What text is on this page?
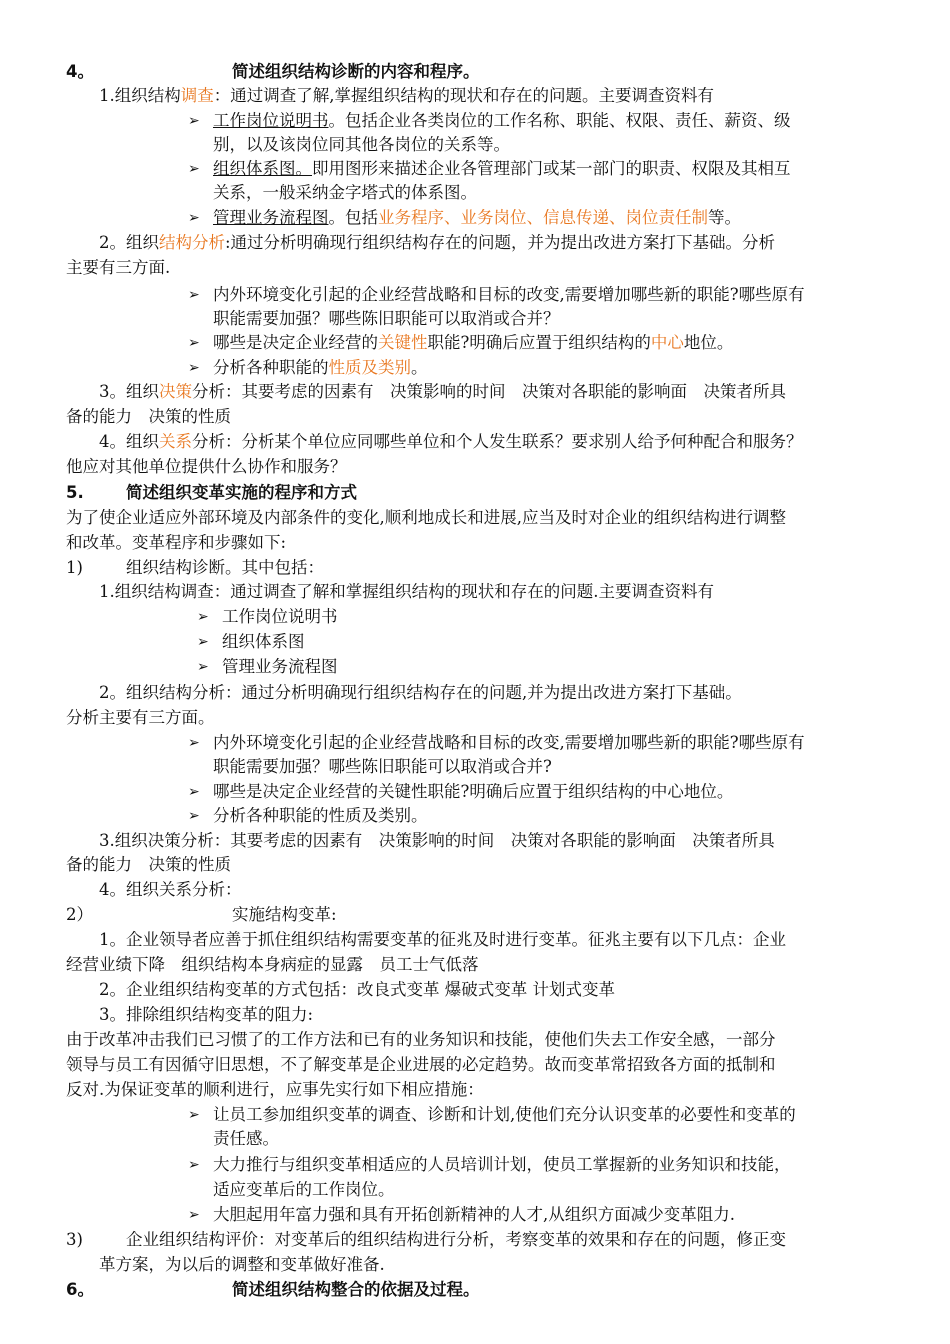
4。	简述组织结构诊断的内容和程序。
1.组织结构调查：通过调查了解,掌握组织结构的现状和存在的问题。主要调查资料有
➢ 工作岗位说明书。包括企业各类岗位的工作名称、职能、权限、责任、薪资、级
别，以及该岗位同其他各岗位的关系等。
➢ 组织体系图。即用图形来描述企业各管理部门或某一部门的职责、权限及其相互
关系，一般采纳金字塔式的体系图。
➢ 管理业务流程图。包括业务程序、业务岗位、信息传递、岗位责任制等。
2。组织结构分析:通过分析明确现行组织结构存在的问题，并为提出改进方案打下基础。分析
主要有三方面.
➢ 内外环境变化引起的企业经营战略和目标的改变,需要增加哪些新的职能?哪些原有
职能需要加强？哪些陈旧职能可以取消或合并？
➢ 哪些是决定企业经营的关键性职能?明确后应置于组织结构的中心地位。
➢ 分析各种职能的性质及类别。
3。组织决策分析：其要考虑的因素有　决策影响的时间　决策对各职能的影响面　决策者所具
备的能力　决策的性质
4。组织关系分析：分析某个单位应同哪些单位和个人发生联系？要求别人给予何种配合和服务？
他应对其他单位提供什么协作和服务？
5.	简述组织变革实施的程序和方式
为了使企业适应外部环境及内部条件的变化,顺利地成长和进展,应当及时对企业的组织结构进行调整
和改革。变革程序和步骤如下:
1)	组织结构诊断。其中包括：
1.组织结构调查：通过调查了解和掌握组织结构的现状和存在的问题.主要调查资料有
➢ 工作岗位说明书
➢ 组织体系图
➢ 管理业务流程图
2。组织结构分析：通过分析明确现行组织结构存在的问题,并为提出改进方案打下基础。
分析主要有三方面。
➢ 内外环境变化引起的企业经营战略和目标的改变,需要增加哪些新的职能?哪些原有
职能需要加强？哪些陈旧职能可以取消或合并?
➢ 哪些是决定企业经营的关键性职能?明确后应置于组织结构的中心地位。
➢ 分析各种职能的性质及类别。
3.组织决策分析：其要考虑的因素有　决策影响的时间　决策对各职能的影响面　决策者所具
备的能力　决策的性质
4。组织关系分析：
2）	实施结构变革:
1。企业领导者应善于抓住组织结构需要变革的征兆及时进行变革。征兆主要有以下几点：企业
经营业绩下降　组织结构本身病症的显露　员工士气低落
2。企业组织结构变革的方式包括：改良式变革 爆破式变革 计划式变革
3。排除组织结构变革的阻力:
由于改革冲击我们已习惯了的工作方法和已有的业务知识和技能，使他们失去工作安全感，一部分
领导与员工有因循守旧思想，不了解变革是企业进展的必定趋势。故而变革常招致各方面的抵制和
反对.为保证变革的顺利进行，应事先实行如下相应措施：
➢ 让员工参加组织变革的调查、诊断和计划,使他们充分认识变革的必要性和变革的
责任感。
➢ 大力推行与组织变革相适应的人员培训计划，使员工掌握新的业务知识和技能，
适应变革后的工作岗位。
➢ 大胆起用年富力强和具有开拓创新精神的人才,从组织方面减少变革阻力.
3)	企业组织结构评价：对变革后的组织结构进行分析，考察变革的效果和存在的问题，修正变
革方案，为以后的调整和变革做好准备.
6。	简述组织结构整合的依据及过程。
